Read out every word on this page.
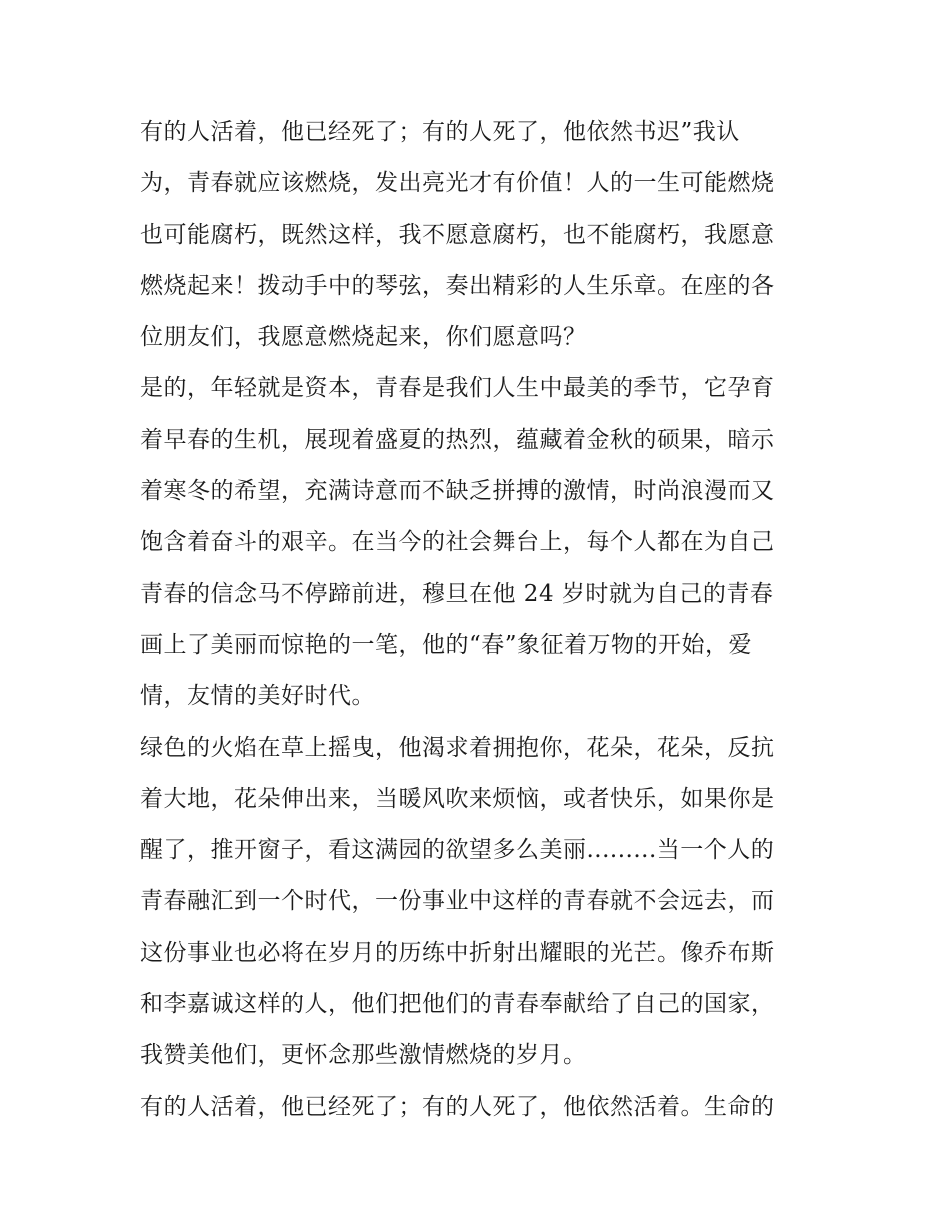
有的人活着，他已经死了；有的人死了，他依然书迟”我认
为，青春就应该燃烧，发出亮光才有价值！人的一生可能燃烧
也可能腐朽，既然这样，我不愿意腐朽，也不能腐朽，我愿意
燃烧起来！拨动手中的琴弦，奏出精彩的人生乐章。在座的各
位朋友们，我愿意燃烧起来，你们愿意吗？
是的，年轻就是资本，青春是我们人生中最美的季节，它孕育
着早春的生机，展现着盛夏的热烈，蕴藏着金秋的硕果，暗示
着寒冬的希望，充满诗意而不缺乏拼搏的激情，时尚浪漫而又
饱含着奋斗的艰辛。在当今的社会舞台上，每个人都在为自己
青春的信念马不停蹄前进，穆旦在他 24 岁时就为自己的青春
画上了美丽而惊艳的一笔，他的“春”象征着万物的开始，爱
情，友情的美好时代。
绿色的火焰在草上摇曳，他渴求着拥抱你，花朵，花朵，反抗
着大地，花朵伸出来，当暖风吹来烦恼，或者快乐，如果你是
醒了，推开窗子，看这满园的欲望多么美丽.........当一个人的
青春融汇到一个时代，一份事业中这样的青春就不会远去，而
这份事业也必将在岁月的历练中折射出耀眼的光芒。像乔布斯
和李嘉诚这样的人，他们把他们的青春奉献给了自己的国家，
我赞美他们，更怀念那些激情燃烧的岁月。
有的人活着，他已经死了；有的人死了，他依然活着。生命的
